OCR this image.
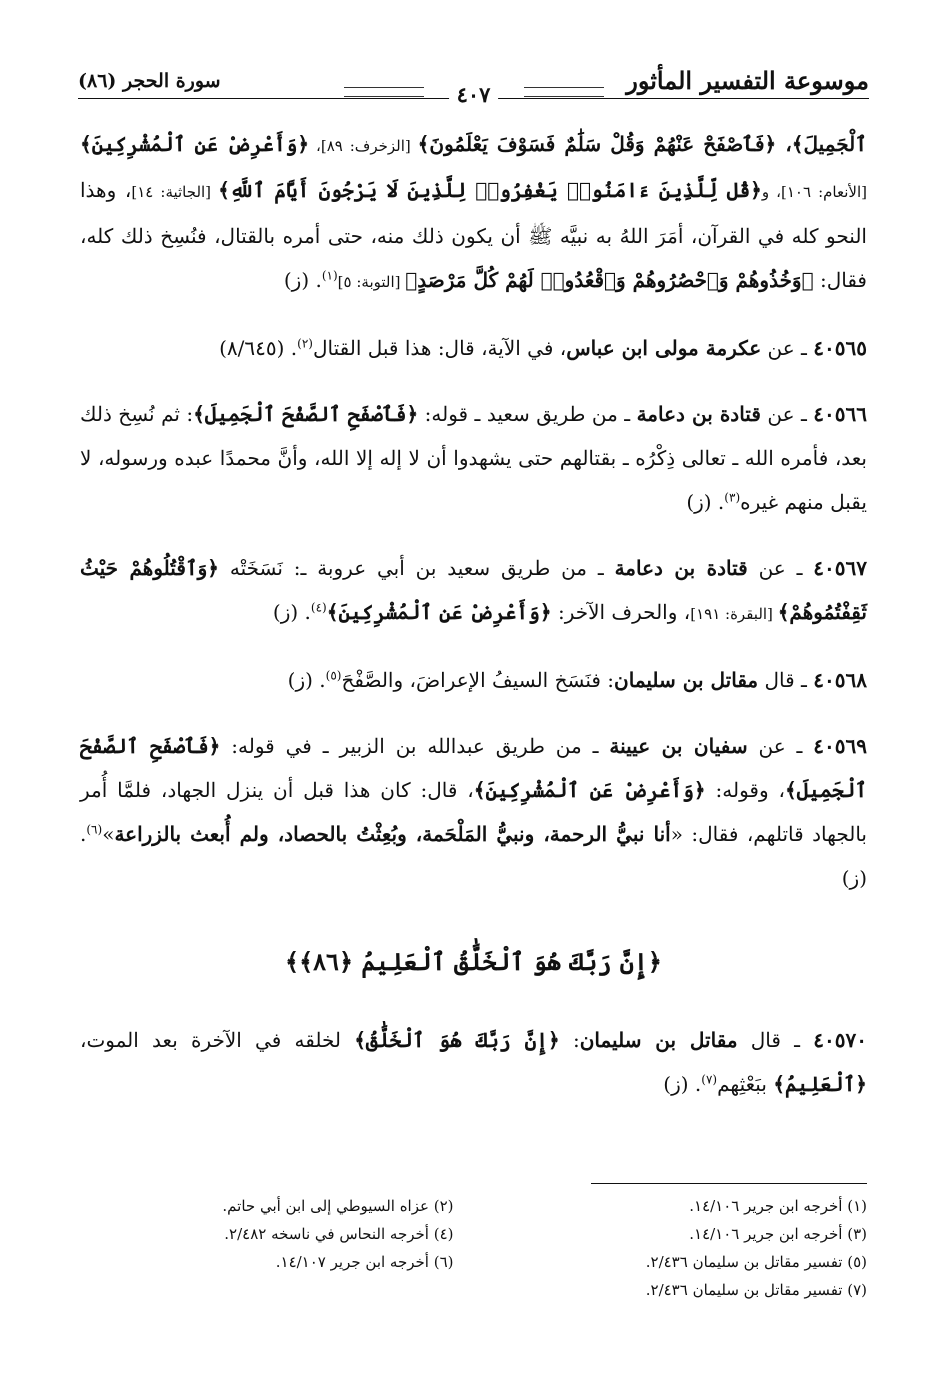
موسوعة التفسير المأثور
٤٠٧
سورة الحجر (٨٦)

ٱلْجَمِيلَ﴾، ﴿فَٱصْفَحْ عَنْهُمْ وَقُلْ سَلَٰمٌ فَسَوْفَ يَعْلَمُونَ﴾ [الزخرف: ٨٩]، ﴿وَأَعْرِضْ عَنِ ٱلْمُشْرِكِينَ﴾ [الأنعام: ١٠٦]، و﴿قُل لِّلَّذِينَ ءَامَنُوا۟ يَغْفِرُوا۟ لِلَّذِينَ لَا يَرْجُونَ أَيَّامَ ٱللَّهِ﴾ [الجاثية: ١٤]، وهذا النحو كله في القرآن، أمَرَ اللهُ به نبيَّه ﷺ أن يكون ذلك منه، حتى أمره بالقتال، فنُسِخ ذلك كله، فقال: ﴿وَخُذُوهُمْ وَٱحْصُرُوهُمْ وَٱقْعُدُوا۟ لَهُمْ كُلَّ مَرْصَدٍ﴾ [التوبة: ٥]$^{(١)}$. (ز)

٤٠٥٦٥ ـ عن عكرمة مولى ابن عباس، في الآية، قال: هذا قبل القتال$^{(٢)}$. (٨/٦٤٥)

٤٠٥٦٦ ـ عن قتادة بن دعامة ـ من طريق سعيد ـ قوله: ﴿فَٱصْفَحِ ٱلصَّفْحَ ٱلْجَمِيلَ﴾: ثم نُسِخ ذلك بعد، فأمره الله ـ تعالى ذِكْرُه ـ بقتالهم حتى يشهدوا أن لا إله إلا الله، وأنَّ محمدًا عبده ورسوله، لا يقبل منهم غيره$^{(٣)}$. (ز)

٤٠٥٦٧ ـ عن قتادة بن دعامة ـ من طريق سعيد بن أبي عروبة ـ: نَسَخَتْه ﴿وَٱقْتُلُوهُمْ حَيْثُ ثَقِفْتُمُوهُمْ﴾ [البقرة: ١٩١]، والحرف الآخر: ﴿وَأَعْرِضْ عَنِ ٱلْمُشْرِكِينَ﴾$^{(٤)}$. (ز)

٤٠٥٦٨ ـ قال مقاتل بن سليمان: فنَسَخ السيفُ الإعراضَ، والصَّفْحَ$^{(٥)}$. (ز)

٤٠٥٦٩ ـ عن سفيان بن عيينة ـ من طريق عبدالله بن الزبير ـ في قوله: ﴿فَٱصْفَحِ ٱلصَّفْحَ ٱلْجَمِيلَ﴾، وقوله: ﴿وَأَعْرِضْ عَنِ ٱلْمُشْرِكِينَ﴾، قال: كان هذا قبل أن ينزل الجهاد، فلمَّا أُمر بالجهاد قاتلهم، فقال: «أنا نبيُّ الرحمة، ونبيُّ المَلْحَمة، وبُعِثْتُ بالحصاد، ولم أُبعث بالزراعة»$^{(٦)}$. (ز)

﴿إِنَّ رَبَّكَ هُوَ ٱلْخَلَّٰقُ ٱلْعَلِيمُ ﴿٨٦﴾﴾

٤٠٥٧٠ ـ قال مقاتل بن سليمان: ﴿إِنَّ رَبَّكَ هُوَ ٱلْخَلَّٰقُ﴾ لخلقه في الآخرة بعد الموت، ﴿ٱلْعَلِيمُ﴾ ببَعْثِهم$^{(٧)}$. (ز)

(١) أخرجه ابن جرير ١٤/١٠٦.
(٢) عزاه السيوطي إلى ابن أبي حاتم.
(٣) أخرجه ابن جرير ١٤/١٠٦.
(٤) أخرجه النحاس في ناسخه ٢/٤٨٢.
(٥) تفسير مقاتل بن سليمان ٢/٤٣٦.
(٦) أخرجه ابن جرير ١٤/١٠٧.
(٧) تفسير مقاتل بن سليمان ٢/٤٣٦.
